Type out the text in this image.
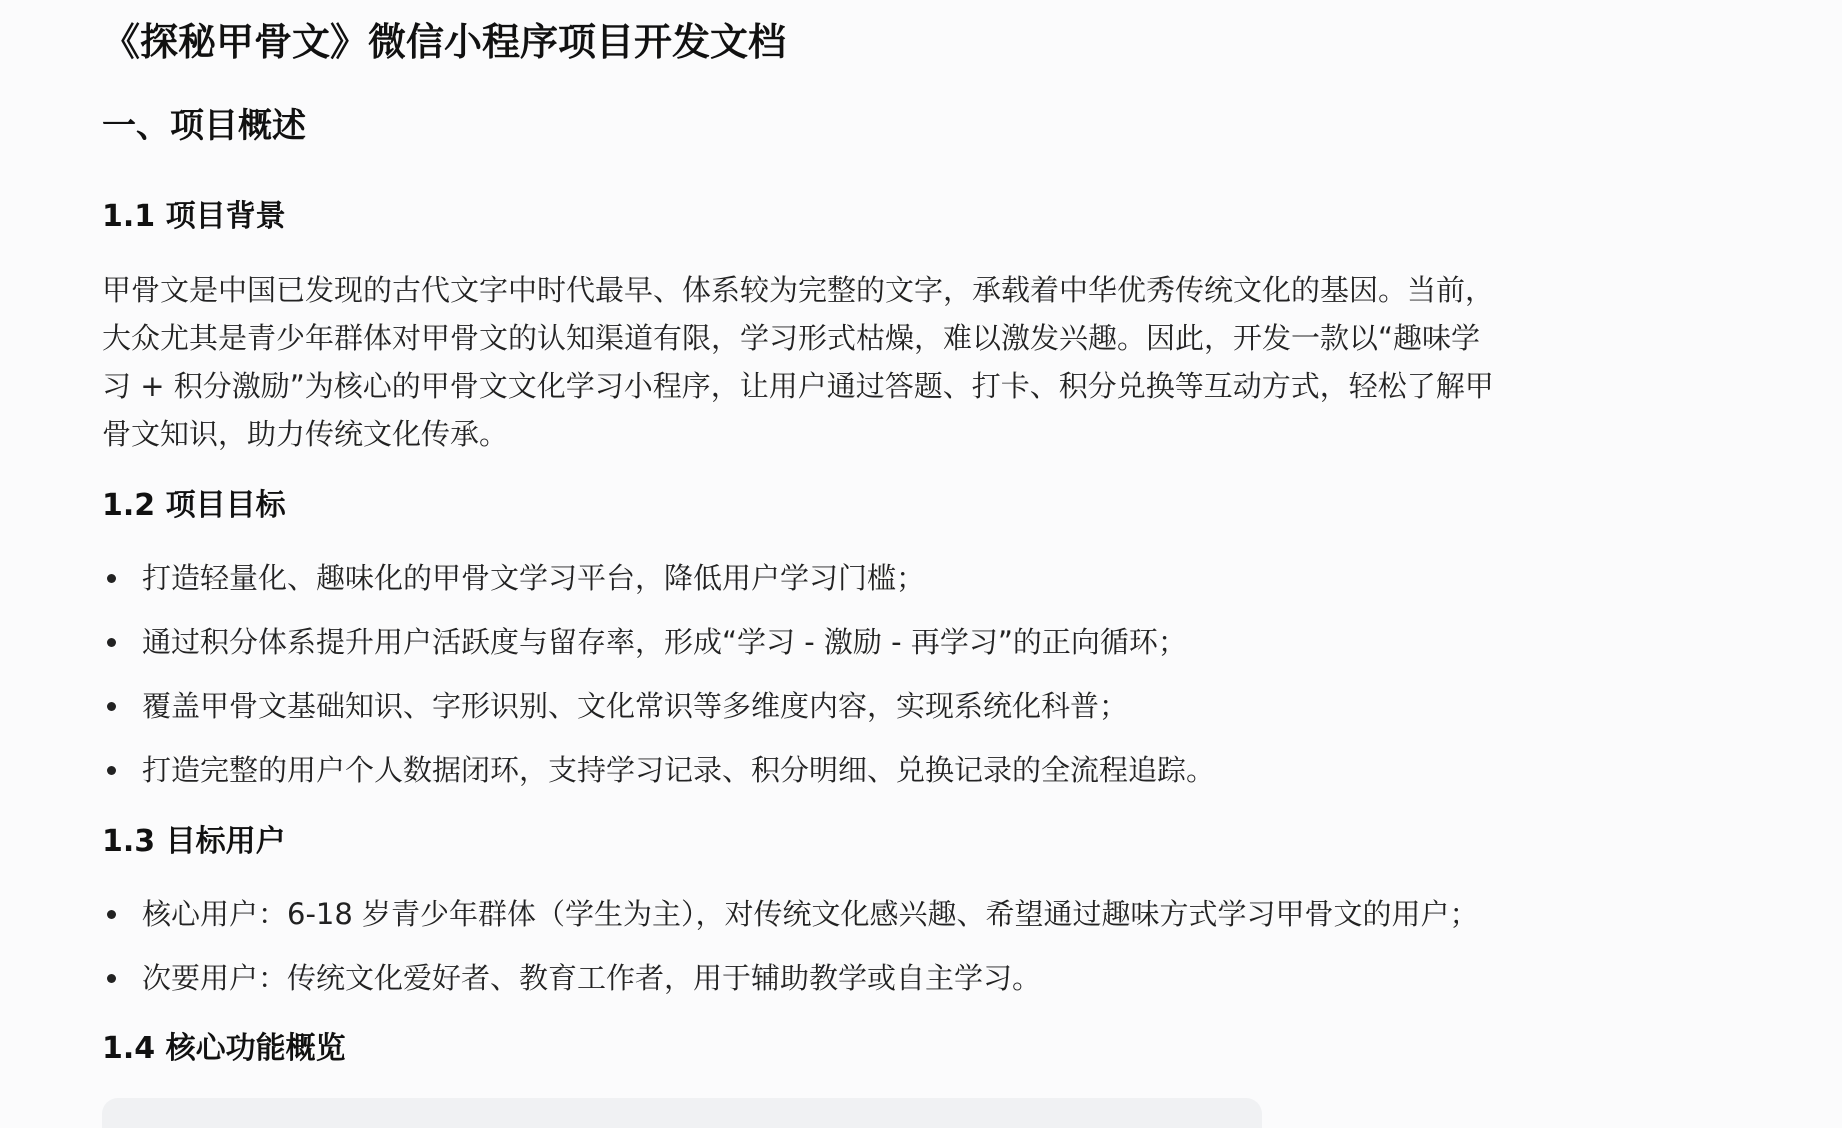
《探秘甲骨文》微信小程序项目开发文档
一、项目概述
1.1 项目背景
甲骨文是中国已发现的古代文字中时代最早、体系较为完整的文字，承载着中华优秀传统文化的基因。当前，
大众尤其是青少年群体对甲骨文的认知渠道有限，学习形式枯燥，难以激发兴趣。因此，开发一款以“趣味学
习 + 积分激励”为核心的甲骨文文化学习小程序，让用户通过答题、打卡、积分兑换等互动方式，轻松了解甲
骨文知识，助力传统文化传承。
1.2 项目目标
打造轻量化、趣味化的甲骨文学习平台，降低用户学习门槛；
通过积分体系提升用户活跃度与留存率，形成“学习 - 激励 - 再学习”的正向循环；
覆盖甲骨文基础知识、字形识别、文化常识等多维度内容，实现系统化科普；
打造完整的用户个人数据闭环，支持学习记录、积分明细、兑换记录的全流程追踪。
1.3 目标用户
核心用户：6-18 岁青少年群体（学生为主），对传统文化感兴趣、希望通过趣味方式学习甲骨文的用户；
次要用户：传统文化爱好者、教育工作者，用于辅助教学或自主学习。
1.4 核心功能概览
